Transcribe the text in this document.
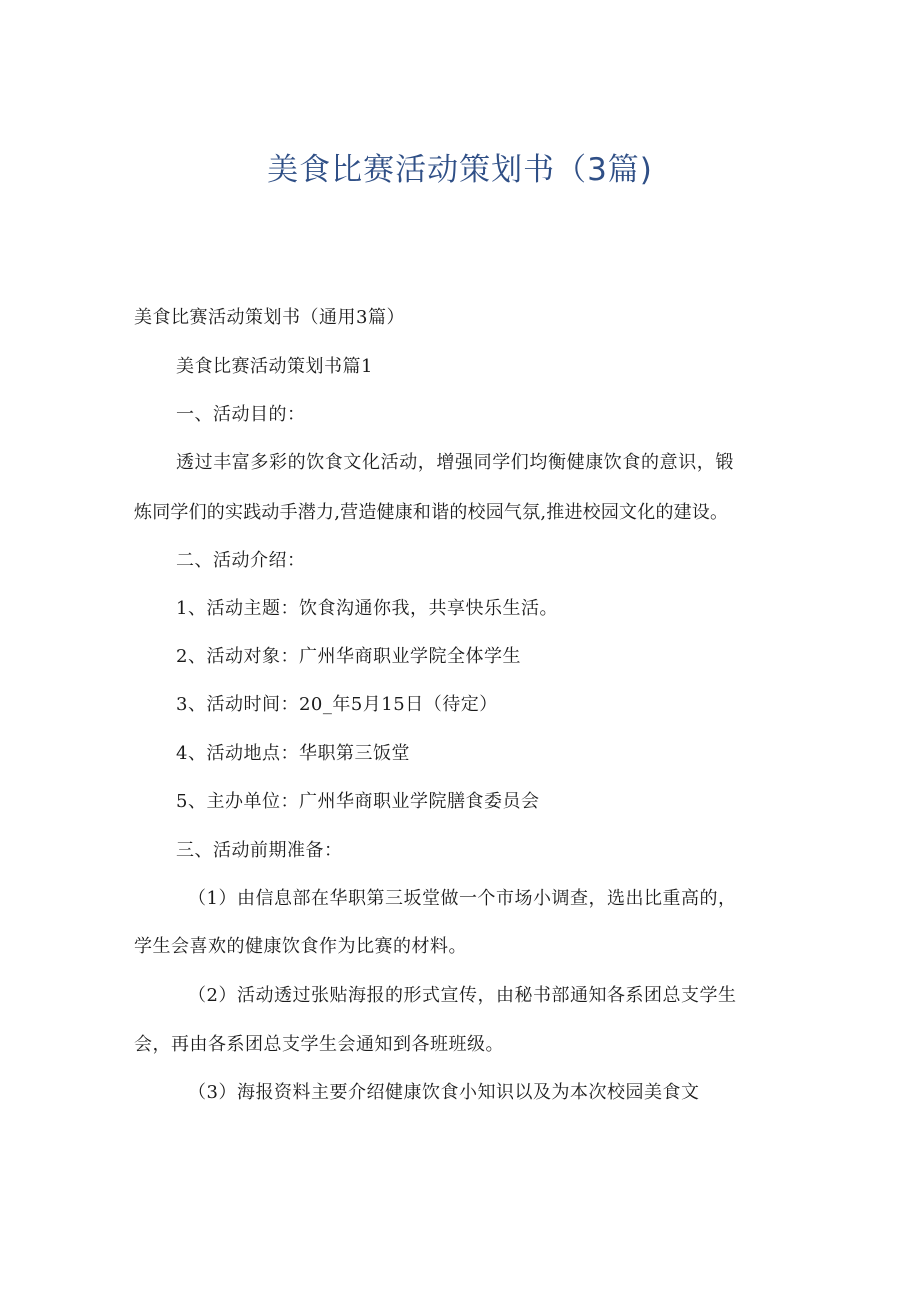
美食比赛活动策划书（3篇)
美食比赛活动策划书（通用3篇）
美食比赛活动策划书篇1
一、活动目的：
透过丰富多彩的饮食文化活动，增强同学们均衡健康饮食的意识，锻
炼同学们的实践动手潜力,营造健康和谐的校园气氛,推进校园文化的建设。
二、活动介绍：
1、活动主题：饮食沟通你我，共享快乐生活。
2、活动对象：广州华商职业学院全体学生
3、活动时间：20_年5月15日（待定）
4、活动地点：华职第三饭堂
5、主办单位：广州华商职业学院膳食委员会
三、活动前期准备：
（1）由信息部在华职第三坂堂做一个市场小调查，选出比重高的，
学生会喜欢的健康饮食作为比赛的材料。
（2）活动透过张贴海报的形式宣传，由秘书部通知各系团总支学生
会，再由各系团总支学生会通知到各班班级。
（3）海报资料主要介绍健康饮食小知识以及为本次校园美食文
